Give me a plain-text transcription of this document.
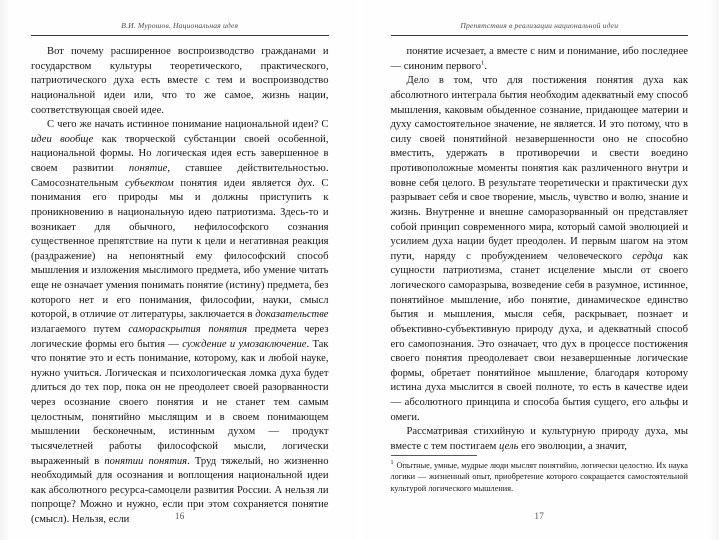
В.И. Мурошов. Национальная идея

Вот почему расширенное воспроизводство гражданами и государством культуры теоретического, практического, патриотического духа есть вместе с тем и воспроизводство национальной идеи или, что то же самое, жизнь нации, соответствующая своей идее.

С чего же начать истинное понимание национальной идеи? С идеи вообще как творческой субстанции своей особенной, национальной формы. Но логическая идея есть завершенное в своем развитии понятие, ставшее действительностью. Самосознательным субъектом понятия идеи является дух. С понимания его природы мы и должны приступить к проникновению в национальную идею патриотизма. Здесь-то и возникает для обычного, нефилософского сознания существенное препятствие на пути к цели и негативная реакция (раздражение) на непонятный ему философский способ мышления и изложения мыслимого предмета, ибо умение читать еще не означает умения понимать понятие (истину) предмета, без которого нет и его понимания, философии, науки, смысл которой, в отличие от литературы, заключается в доказательстве излагаемого путем самораскрытия понятия предмета через логические формы его бытия — суждение и умозаключение. Так что понятие это и есть понимание, которому, как и любой науке, нужно учиться. Логическая и психологическая ломка духа будет длиться до тех пор, пока он не преодолеет своей разорванности через осознание своего понятия и не станет тем самым целостным, понятийно мыслящим и в своем понимающем мышлении бесконечным, истинным духом — продукт тысячелетней работы философской мысли, логически выраженный в понятии понятия. Труд тяжелый, но жизненно необходимый для осознания и воплощения национальной идеи как абсолютного ресурса-самоцели развития России. А нельзя ли попроще? Можно и нужно, если при этом сохраняется понятие (смысл). Нельзя, если	16
Препятствия в реализации национальной идеи

понятие исчезает, а вместе с ним и понимание, ибо последнее — синоним первого$^1$.

Дело в том, что для постижения понятия духа как абсолютного интеграла бытия необходим адекватный ему способ мышления, каковым обыденное сознание, придающее материи и духу самостоятельное значение, не является. И это потому, что в силу своей понятийной незавершенности оно не способно вместить, удержать в противоречии и свести воедино противоположные моменты понятия как различенного внутри и вовне себя целого. В результате теоретически и практически дух разрывает себя и свое творение, мысль, чувство и волю, знание и жизнь. Внутренне и внешне саморазорванный он представляет собой принцип современного мира, который самой эволюцией и усилием духа нации будет преодолен. И первым шагом на этом пути, наряду с пробуждением человеческого сердца как сущности патриотизма, станет исцеление мысли от своего логического саморазрыва, возведение себя в разумное, истинное, понятийное мышление, ибо понятие, динамическое единство бытия и мышления, мысля себя, раскрывает, познает и объективно-субъективную природу духа, и адекватный способ его самопознания. Это означает, что дух в процессе постижения своего понятия преодолевает свои незавершенные логические формы, обретает понятийное мышление, благодаря которому истина духа мыслится в своей полноте, то есть в качестве идеи — абсолютного принципа и способа бытия сущего, его альфы и омеги.

Рассматривая стихийную и культурную природу духа, мы вместе с тем постигаем цель его эволюции, а значит,

$^1$ Опытные, умные, мудрые люди мыслят понятийно, логически целостно. Их наука логики — жизненный опыт, приобретение которого сокращается самостоятельной культурой логического мышления.
17
